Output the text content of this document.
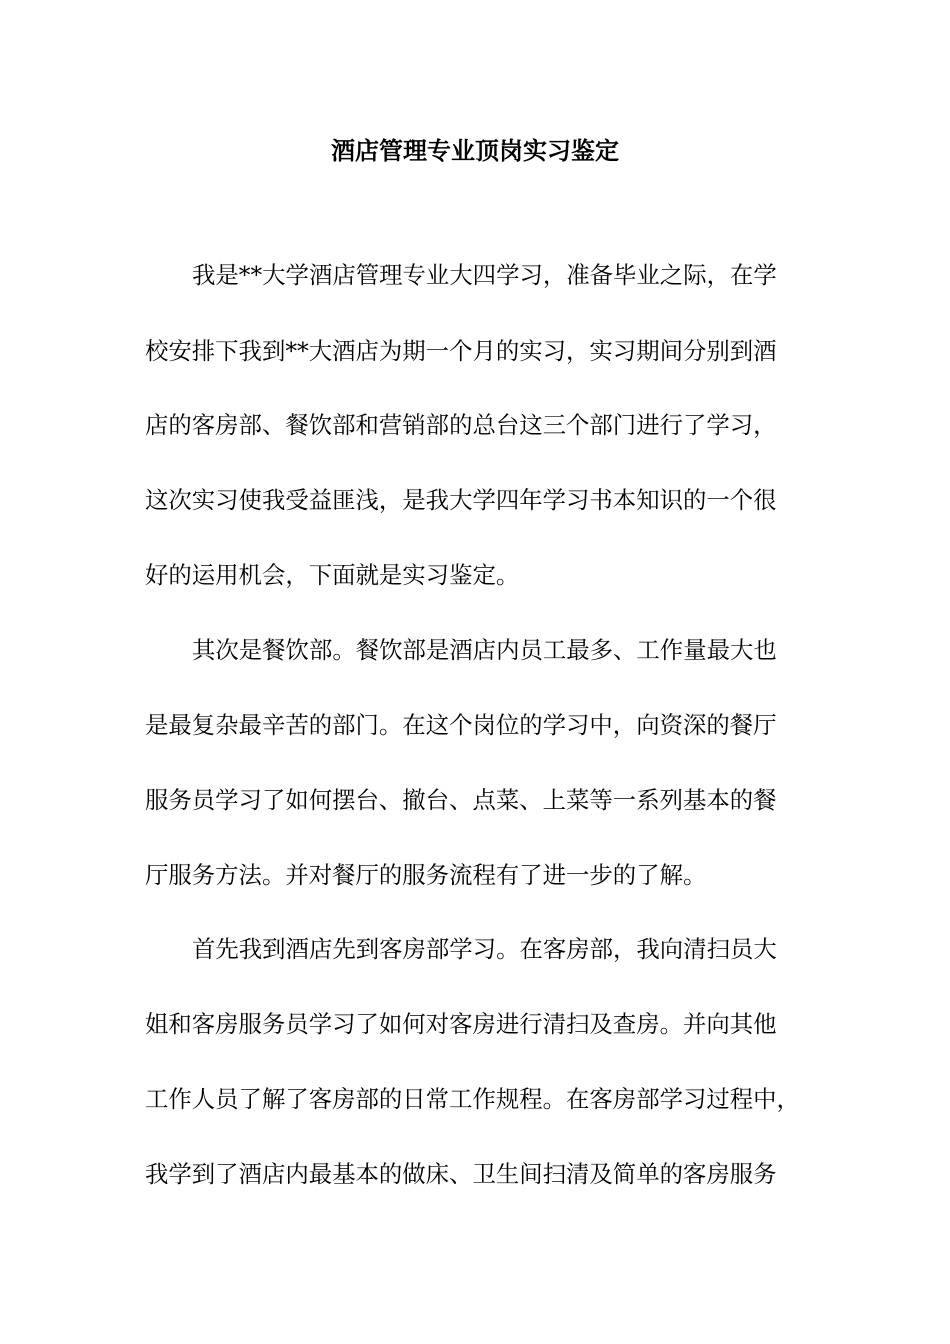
酒店管理专业顶岗实习鉴定
我是**大学酒店管理专业大四学习，准备毕业之际，在学
校安排下我到**大酒店为期一个月的实习，实习期间分别到酒
店的客房部、餐饮部和营销部的总台这三个部门进行了学习，
这次实习使我受益匪浅，是我大学四年学习书本知识的一个很
好的运用机会，下面就是实习鉴定。
其次是餐饮部。餐饮部是酒店内员工最多、工作量最大也
是最复杂最辛苦的部门。在这个岗位的学习中，向资深的餐厅
服务员学习了如何摆台、撤台、点菜、上菜等一系列基本的餐
厅服务方法。并对餐厅的服务流程有了进一步的了解。
首先我到酒店先到客房部学习。在客房部，我向清扫员大
姐和客房服务员学习了如何对客房进行清扫及查房。并向其他
工作人员了解了客房部的日常工作规程。在客房部学习过程中，
我学到了酒店内最基本的做床、卫生间扫清及简单的客房服务
